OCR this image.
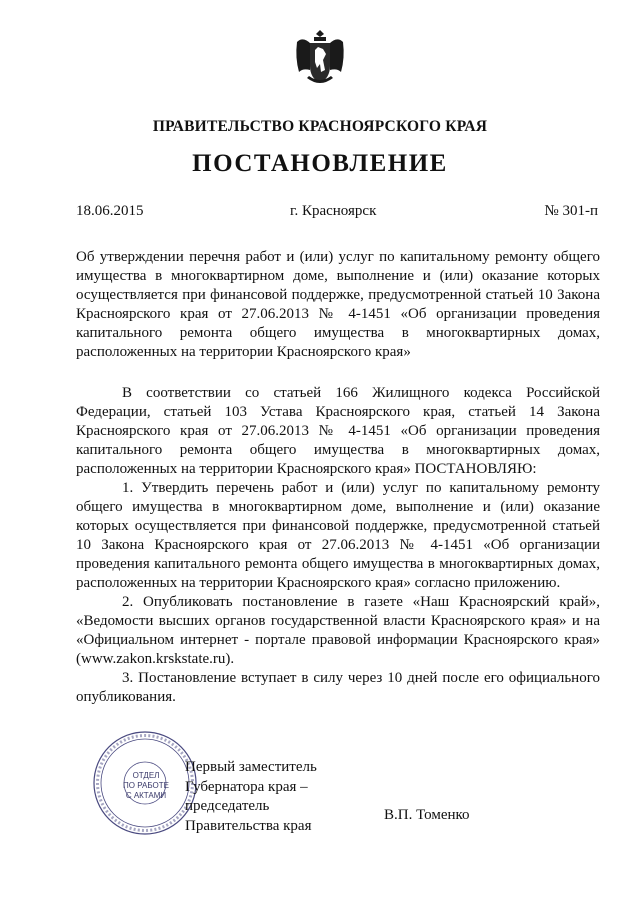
ПРАВИТЕЛЬСТВО КРАСНОЯРСКОГО КРАЯ
ПОСТАНОВЛЕНИЕ
18.06.2015	г. Красноярск	№ 301-п

Об утверждении перечня работ и (или) услуг по капитальному ремонту общего имущества в многоквартирном доме, выполнение и (или) оказание которых осуществляется при финансовой поддержке, предусмотренной статьей 10 Закона Красноярского края от 27.06.2013 № 4-1451 «Об организации проведения капитального ремонта общего имущества в многоквартирных домах, расположенных на территории Красноярского края»

В соответствии со статьей 166 Жилищного кодекса Российской Федерации, статьей 103 Устава Красноярского края, статьей 14 Закона Красноярского края от 27.06.2013 № 4-1451 «Об организации проведения капитального ремонта общего имущества в многоквартирных домах, расположенных на территории Красноярского края» ПОСТАНОВЛЯЮ:

1. Утвердить перечень работ и (или) услуг по капитальному ремонту общего имущества в многоквартирном доме, выполнение и (или) оказание которых осуществляется при финансовой поддержке, предусмотренной статьей 10 Закона Красноярского края от 27.06.2013 № 4-1451 «Об организации проведения капитального ремонта общего имущества в многоквартирных домах, расположенных на территории Красноярского края» согласно приложению.

2. Опубликовать постановление в газете «Наш Красноярский край», «Ведомости высших органов государственной власти Красноярского края» и на «Официальном интернет - портале правовой информации Красноярского края» (www.zakon.krskstate.ru).

3. Постановление вступает в силу через 10 дней после его официального опубликования.

ОТДЕЛ
ПО РАБОТЕ
С АКТАМИ
Первый заместитель
Губернатора края –
председатель
Правительства края
В.П. Томенко
